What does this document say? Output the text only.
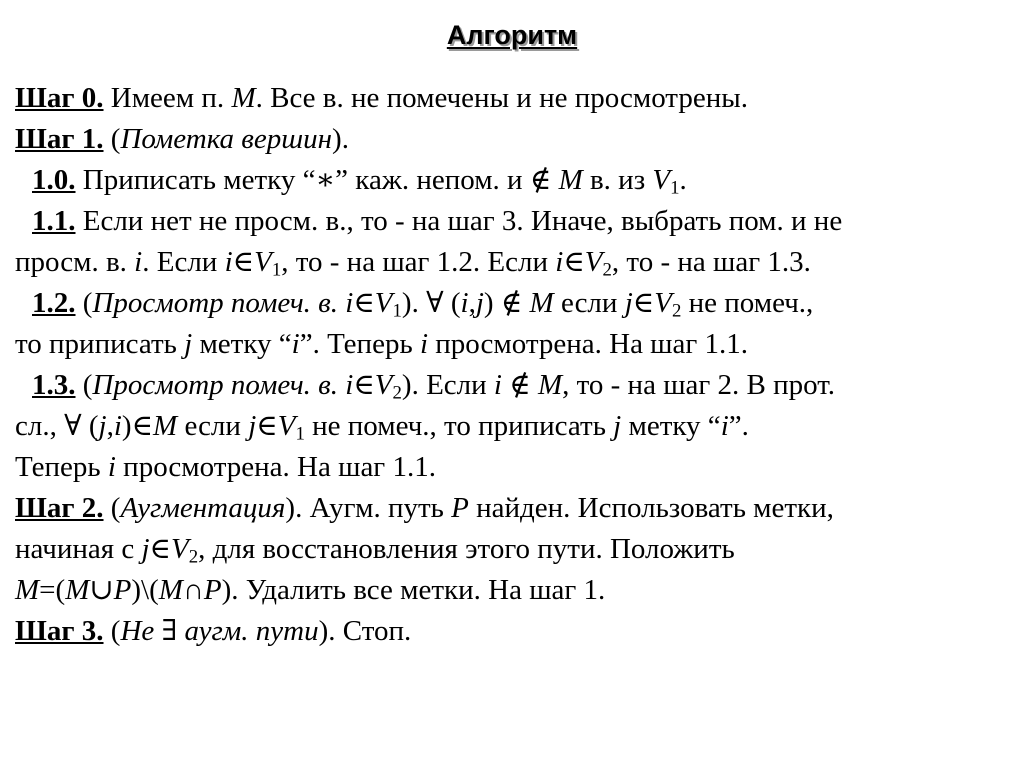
Алгоритм
Шаг 0. Имеем п. M. Все в. не помечены и не просмотрены.
Шаг 1. (Пометка вершин).
1.0. Приписать метку “∗” каж. непом. и ∉ M в. из $V_1$.
1.1. Если нет не просм. в., то - на шаг 3. Иначе, выбрать пом. и не
просм. в. i. Если $i\in V_1$, то - на шаг 1.2. Если $i\in V_2$, то - на шаг 1.3.
1.2. (Просмотр помеч. в. $i\in V_1$). ∀ (i,j) ∉ M если $j\in V_2$ не помеч.,
то приписать j метку “i”. Теперь i просмотрена. На шаг 1.1.
1.3. (Просмотр помеч. в. $i\in V_2$). Если i ∉ M, то - на шаг 2. В прот.
сл., ∀ (j,i)∈M если $j\in V_1$ не помеч., то приписать j метку “i”.
Теперь i просмотрена. На шаг 1.1.
Шаг 2. (Аугментация). Аугм. путь P найден. Использовать метки,
начиная с $j\in V_2$, для восстановления этого пути. Положить
M=(M∪P)\(M∩P). Удалить все метки. На шаг 1.
Шаг 3. (Не ∃ аугм. пути). Стоп.
